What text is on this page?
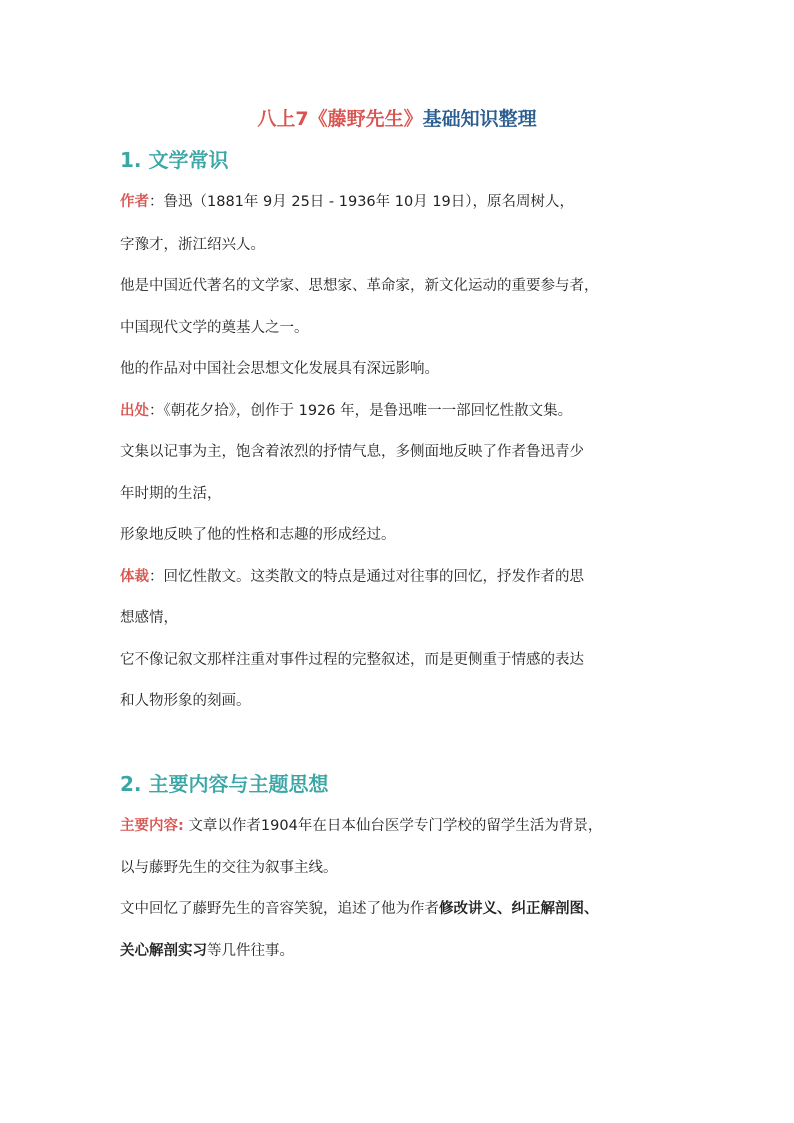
八上7《藤野先生》基础知识整理
1. 文学常识
作者：鲁迅（1881年 9月 25日 - 1936年 10月 19日），原名周树人，
字豫才，浙江绍兴人。
他是中国近代著名的文学家、思想家、革命家，新文化运动的重要参与者，
中国现代文学的奠基人之一。
他的作品对中国社会思想文化发展具有深远影响。
出处：《朝花夕拾》，创作于 1926 年，是鲁迅唯一一部回忆性散文集。
文集以记事为主，饱含着浓烈的抒情气息，多侧面地反映了作者鲁迅青少
年时期的生活，
形象地反映了他的性格和志趣的形成经过。
体裁：回忆性散文。这类散文的特点是通过对往事的回忆，抒发作者的思
想感情，
它不像记叙文那样注重对事件过程的完整叙述，而是更侧重于情感的表达
和人物形象的刻画。
2. 主要内容与主题思想
主要内容: 文章以作者1904年在日本仙台医学专门学校的留学生活为背景，
以与藤野先生的交往为叙事主线。
文中回忆了藤野先生的音容笑貌，追述了他为作者修改讲义、纠正解剖图、
关心解剖实习等几件往事。
